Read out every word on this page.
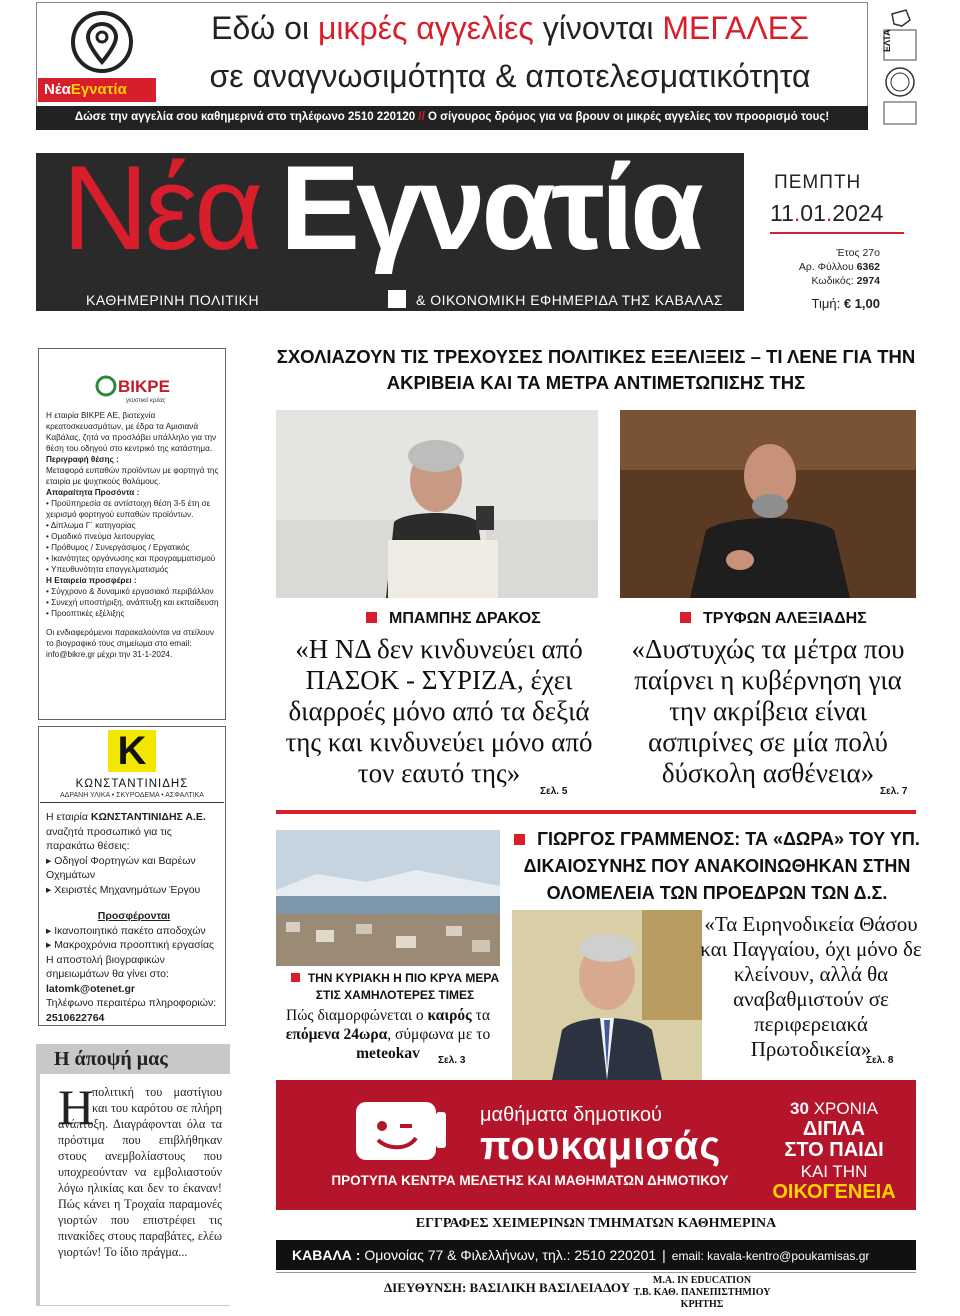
ΝέαΕγνατία
Εδώ οι μικρές αγγελίες γίνονται ΜΕΓΑΛΕΣ
σε αναγνωσιμότητα & αποτελεσματικότητα
Δώσε την αγγελία σου καθημερινά στο τηλέφωνο 2510 220120 // Ο σίγουρος δρόμος για να βρουν οι μικρές αγγελίες τον προορισμό τους!
ΕΛΤΑ
Νέα Εγνατία
ΚΑΘΗΜΕΡΙΝΗ ΠΟΛΙΤΙΚΗ	& ΟΙΚΟΝΟΜΙΚΗ ΕΦΗΜΕΡΙΔΑ ΤΗΣ ΚΑΒΑΛΑΣ
ΠΕΜΠΤΗ
11.01.2024
Έτος 27ο
Αρ. Φύλλου 6362
Κωδικός: 2974
Τιμή: € 1,00
ΒΙΚΡΕ
γευστικό κρέας
Η εταιρία ΒΙΚΡΕ ΑΕ, βιοτεχνία κρεατοσκευασμάτων, με έδρα τα Αμισιανά Καβάλας, ζητά να προσλάβει υπάλληλο για την θέση του οδηγού στο κεντρικό της κατάστημα.
Περιγραφή θέσης :
Μεταφορά ευπαθών προϊόντων με φορτηγά της εταιρία με ψυχτικούς θαλάμους.
Απαραίτητα Προσόντα :
• Προϋπηρεσία σε αντίστοιχη θέση 3-5 έτη σε χειρισμό φορτηγού ευπαθών προϊόντων.
• Δίπλωμα Γ΄ κατηγορίας
• Ομαδικό πνεύμα λειτουργίας
• Πρόθυμος / Συνεργάσιμος / Εργατικός
• Ικανότητες οργάνωσης και προγραμματισμού
• Υπευθυνότητα επαγγελματισμός
Η Εταιρεία προσφέρει :
• Σύγχρονο & δυναμικό εργασιακό περιβάλλον
• Συνεχή υποστήριξη, ανάπτυξη και εκπαίδευση
• Προοπτικές εξέλιξης
Οι ενδιαφερόμενοι παρακαλούνται να στείλουν το βιογραφικό τους σημείωμα στο email: info@bikre.gr μέχρι την 31-1-2024.
Κ
ΚΩΝΣΤΑΝΤΙΝΙΔΗΣ
ΑΔΡΑΝΗ ΥΛΙΚΑ • ΣΚΥΡΟΔΕΜΑ • ΑΣΦΑΛΤΙΚΑ
Η εταιρία ΚΩΝΣΤΑΝΤΙΝΙΔΗΣ Α.Ε. αναζητά προσωπικό για τις παρακάτω θέσεις:
▸ Οδηγοί Φορτηγών και Βαρέων Οχημάτων
▸ Χειριστές Μηχανημάτων Έργου
Προσφέρονται
▸ Ικανοποιητικό πακέτο αποδοχών
▸ Μακροχρόνια προοπτική εργασίας
Η αποστολή βιογραφικών σημειωμάτων θα γίνει στο: latomk@otenet.gr
Τηλέφωνο περαιτέρω πληροφοριών:
2510622764
Η άποψή μας
Η
πολιτική του μαστίγιου και του καρότου σε πλήρη ανάπτυξη. Διαγράφονται όλα τα πρόστιμα που επιβλήθηκαν στους ανεμβολίαστους που υποχρεούνταν να εμβολιαστούν λόγω ηλικίας και δεν το έκαναν! Πώς κάνει η Τροχαία παραμονές γιορτών που επιστρέφει τις πινακίδες στους παραβάτες, ελέω γιορτών! Το ίδιο πράγμα...
ΣΧΟΛΙΑΖΟΥΝ ΤΙΣ ΤΡΕΧΟΥΣΕΣ ΠΟΛΙΤΙΚΕΣ ΕΞΕΛΙΞΕΙΣ – ΤΙ ΛΕΝΕ ΓΙΑ ΤΗΝ ΑΚΡΙΒΕΙΑ ΚΑΙ ΤΑ ΜΕΤΡΑ ΑΝΤΙΜΕΤΩΠΙΣΗΣ ΤΗΣ
ΜΠΑΜΠΗΣ ΔΡΑΚΟΣ	ΤΡΥΦΩΝ ΑΛΕΞΙΑΔΗΣ
«Η ΝΔ δεν κινδυνεύει από ΠΑΣΟΚ - ΣΥΡΙΖΑ, έχει διαρροές μόνο από τα δεξιά της και κινδυνεύει μόνο από τον εαυτό της»
«Δυστυχώς τα μέτρα που παίρνει η κυβέρνηση για την ακρίβεια είναι ασπιρίνες σε μία πολύ δύσκολη ασθένεια»
Σελ. 5	Σελ. 7
ΤΗΝ ΚΥΡΙΑΚΗ Η ΠΙΟ ΚΡΥΑ ΜΕΡΑ ΣΤΙΣ ΧΑΜΗΛΟΤΕΡΕΣ ΤΙΜΕΣ
Πώς διαμορφώνεται ο καιρός τα επόμενα 24ωρα, σύμφωνα με το meteokav	Σελ. 3
ΓΙΩΡΓΟΣ ΓΡΑΜΜΕΝΟΣ: ΤΑ «ΔΩΡΑ» ΤΟΥ ΥΠ. ΔΙΚΑΙΟΣΥΝΗΣ ΠΟΥ ΑΝΑΚΟΙΝΩΘΗΚΑΝ ΣΤΗΝ ΟΛΟΜΕΛΕΙΑ ΤΩΝ ΠΡΟΕΔΡΩΝ ΤΩΝ Δ.Σ.
«Τα Ειρηνοδικεία Θάσου και Παγγαίου, όχι μόνο δε κλείνουν, αλλά θα αναβαθμιστούν σε περιφερειακά Πρωτοδικεία»
Σελ. 8
μαθήματα δημοτικού
πουκαμισάς
ΠΡΟΤΥΠΑ ΚΕΝΤΡΑ ΜΕΛΕΤΗΣ ΚΑΙ ΜΑΘΗΜΑΤΩΝ ΔΗΜΟΤΙΚΟΥ
30 ΧΡΟΝΙΑ
ΔΙΠΛΑ
ΣΤΟ ΠΑΙΔΙ
ΚΑΙ ΤΗΝ
ΟΙΚΟΓΕΝΕΙΑ
ΕΓΓΡΑΦΕΣ ΧΕΙΜΕΡΙΝΩΝ ΤΜΗΜΑΤΩΝ ΚΑΘΗΜΕΡΙΝΑ
ΚΑΒΑΛΑ : Ομονοίας 77 & Φιλελλήνων, τηλ.: 2510 220201 | email: kavala-kentro@poukamisas.gr
ΔΙΕΥΘΥΝΣΗ: ΒΑΣΙΛΙΚΗ ΒΑΣΙΛΕΙΑΔΟΥ	Μ.Α. IN EDUCATION
Τ.Β. ΚΑΘ. ΠΑΝΕΠΙΣΤΗΜΙΟΥ ΚΡΗΤΗΣ
